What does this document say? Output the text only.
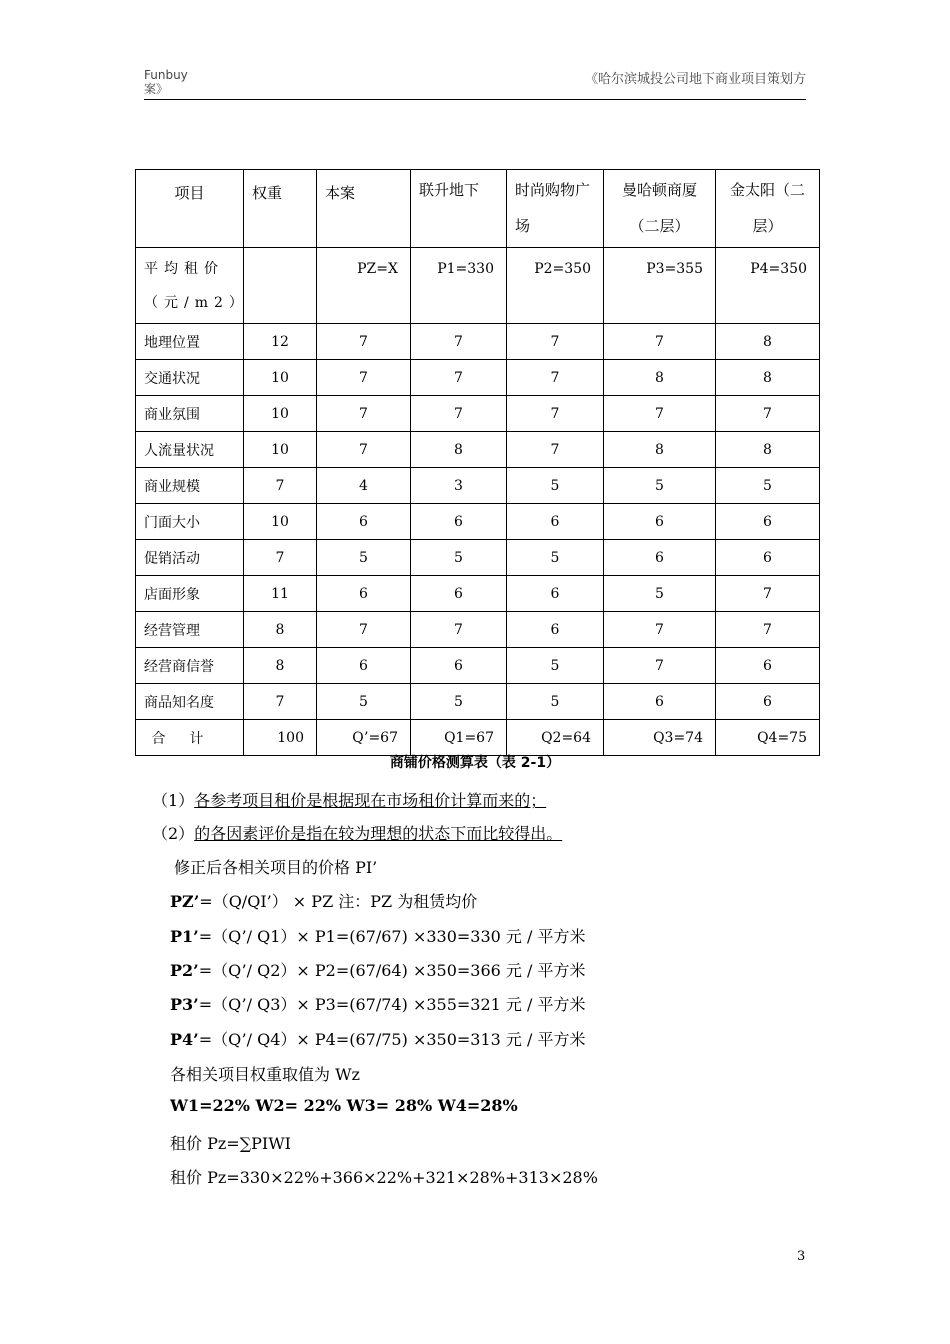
Funbuy
案》
《哈尔滨城投公司地下商业项目策划方
项目	权重	本案	联升地下	时尚购物广场	曼哈顿商厦（二层）	金太阳（二层）
平均租价（元/m2）		PZ=X	P1=330	P2=350	P3=355	P4=350
地理位置	12	7	7	7	7	8
交通状况	10	7	7	7	8	8
商业氛围	10	7	7	7	7	7
人流量状况	10	7	8	7	8	8
商业规模	7	4	3	5	5	5
门面大小	10	6	6	6	6	6
促销活动	7	5	5	5	6	6
店面形象	11	6	6	6	5	7
经营管理	8	7	7	6	7	7
经营商信誉	8	6	6	5	7	6
商品知名度	7	5	5	5	6	6
合计	100	Q’=67	Q1=67	Q2=64	Q3=74	Q4=75
商铺价格测算表（表 2-1）
（1）各参考项目租价是根据现在市场租价计算而来的；
（2）的各因素评价是指在较为理想的状态下而比较得出。
修正后各相关项目的价格 PI’
PZ’=（Q/QI’） × PZ 注：PZ 为租赁均价
P1’=（Q’/ Q1）× P1=(67/67) ×330=330 元 / 平方米
P2’=（Q’/ Q2）× P2=(67/64) ×350=366 元 / 平方米
P3’=（Q’/ Q3）× P3=(67/74) ×355=321 元 / 平方米
P4’=（Q’/ Q4）× P4=(67/75) ×350=313 元 / 平方米
各相关项目权重取值为 Wz
W1=22% W2= 22% W3= 28% W4=28%
租价 Pz=∑PIWI
租价 Pz=330×22%+366×22%+321×28%+313×28%
3
